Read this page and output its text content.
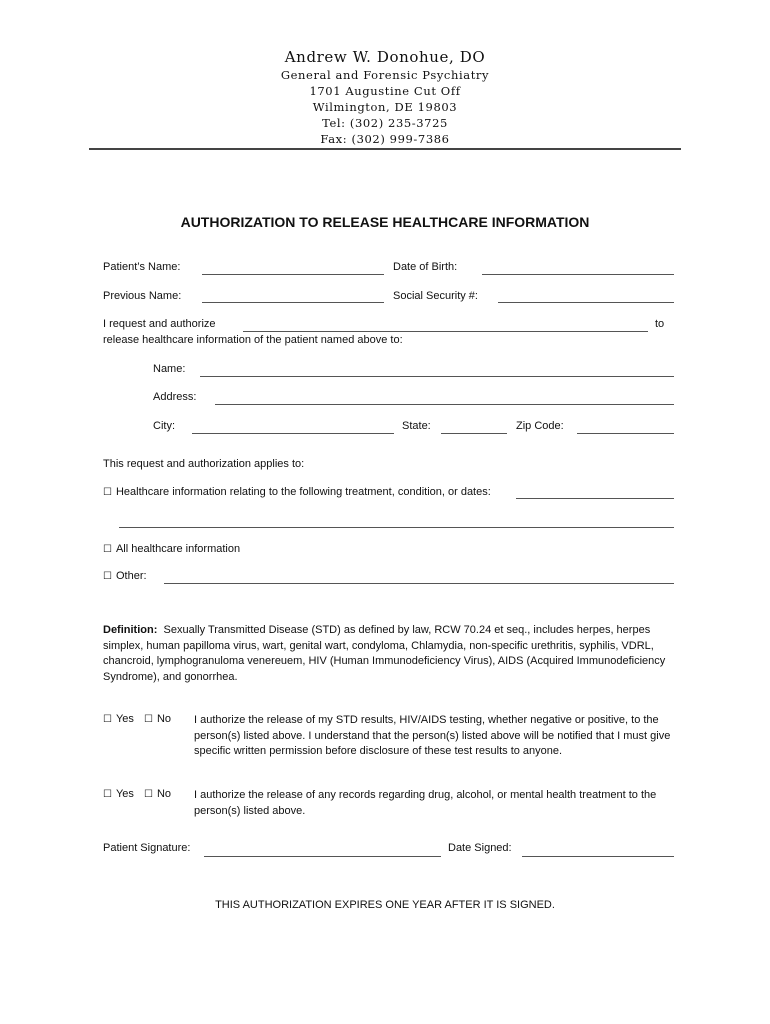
Andrew W. Donohue, DO
General and Forensic Psychiatry
1701 Augustine Cut Off
Wilmington, DE 19803
Tel: (302) 235-3725
Fax: (302) 999-7386
AUTHORIZATION TO RELEASE HEALTHCARE INFORMATION
Patient’s Name:	Date of Birth:
Previous Name:	Social Security #:
I request and authorize	to
release healthcare information of the patient named above to:
Name:
Address:
City:	State:	Zip Code:
This request and authorization applies to:
☐ Healthcare information relating to the following treatment, condition, or dates:
☐ All healthcare information
☐ Other:
Definition: Sexually Transmitted Disease (STD) as defined by law, RCW 70.24 et seq., includes herpes, herpes simplex, human papilloma virus, wart, genital wart, condyloma, Chlamydia, non-specific urethritis, syphilis, VDRL, chancroid, lymphogranuloma venereuem, HIV (Human Immunodeficiency Virus), AIDS (Acquired Immunodeficiency Syndrome), and gonorrhea.
☐ Yes ☐ No I authorize the release of my STD results, HIV/AIDS testing, whether negative or positive, to the person(s) listed above. I understand that the person(s) listed above will be notified that I must give specific written permission before disclosure of these test results to anyone.
☐ Yes ☐ No I authorize the release of any records regarding drug, alcohol, or mental health treatment to the person(s) listed above.
Patient Signature:	Date Signed:
THIS AUTHORIZATION EXPIRES ONE YEAR AFTER IT IS SIGNED.
